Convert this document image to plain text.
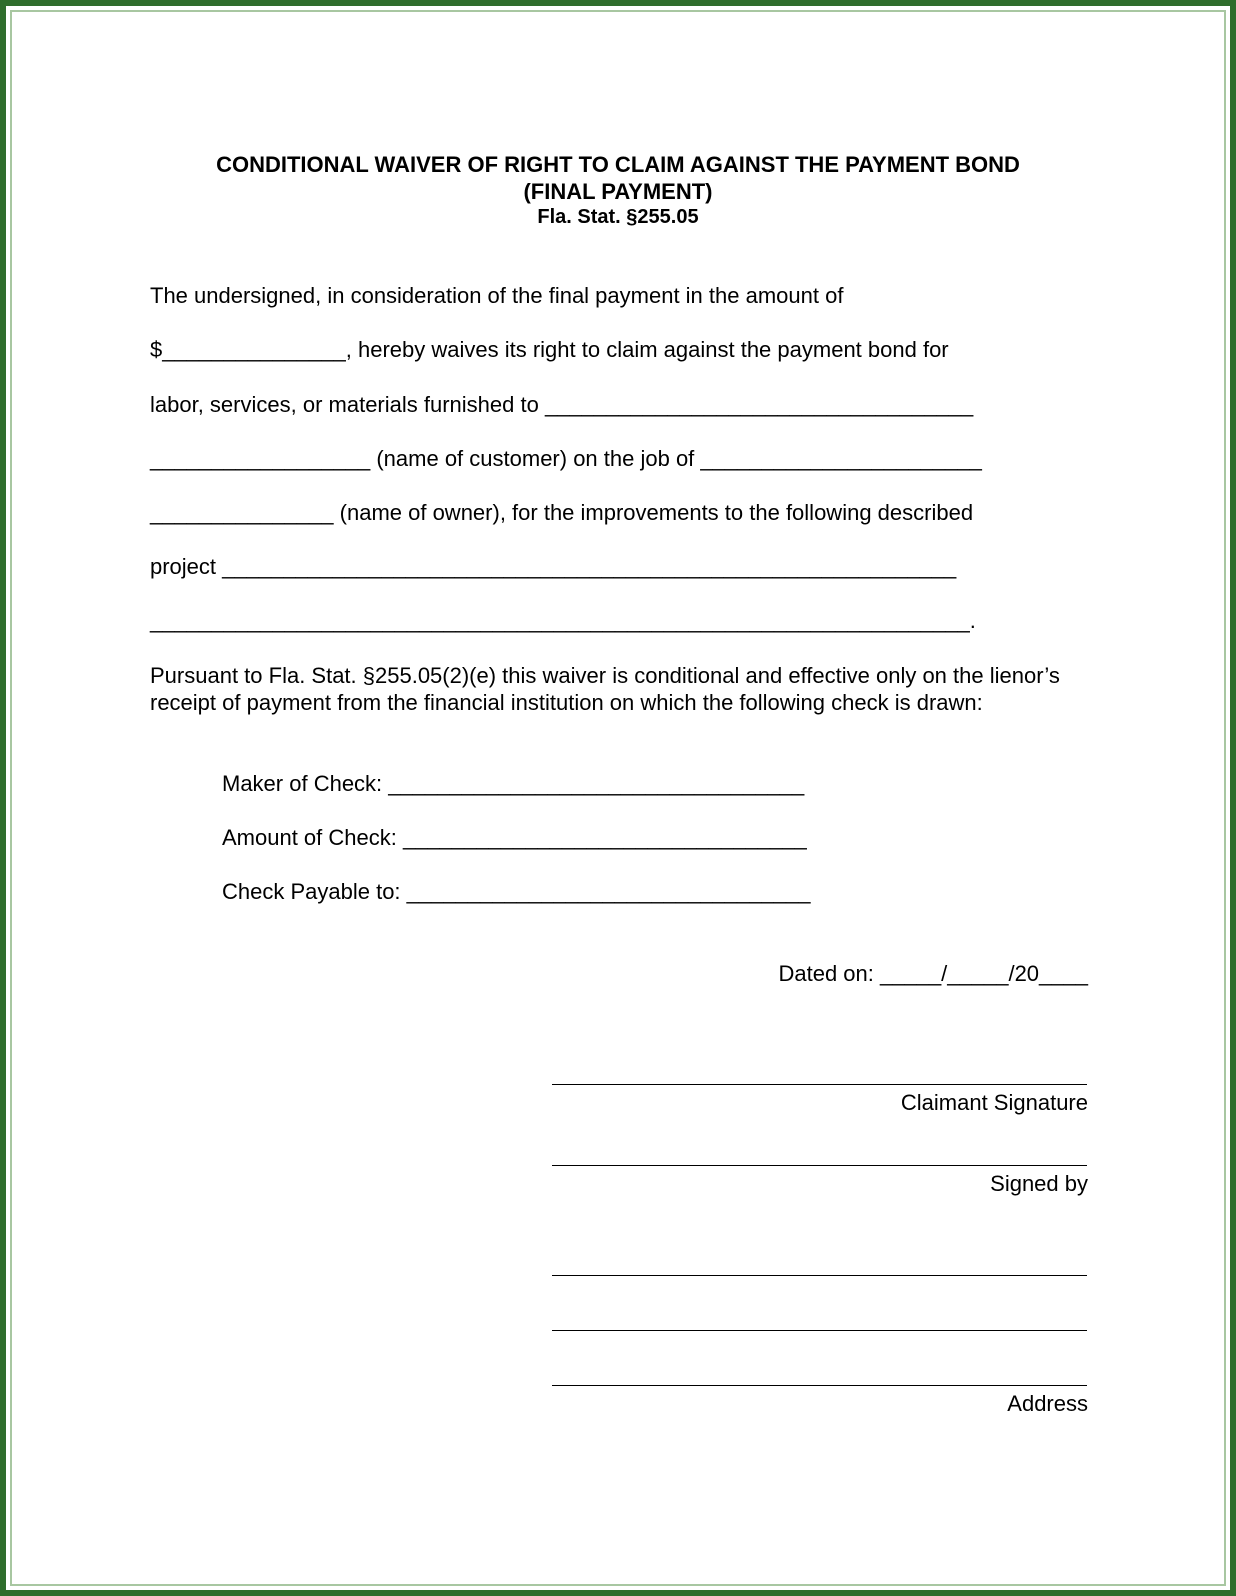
CONDITIONAL WAIVER OF RIGHT TO CLAIM AGAINST THE PAYMENT BOND
(FINAL PAYMENT)
Fla. Stat. §255.05
The undersigned, in consideration of the final payment in the amount of
$_______________, hereby waives its right to claim against the payment bond for
labor, services, or materials furnished to ___________________________________
__________________ (name of customer) on the job of _______________________
_______________ (name of owner), for the improvements to the following described
project ____________________________________________________________
___________________________________________________________________.
Pursuant to Fla. Stat. §255.05(2)(e) this waiver is conditional and effective only on the lienor’s receipt of payment from the financial institution on which the following check is drawn:
Maker of Check: __________________________________
Amount of Check: _________________________________
Check Payable to: _________________________________
Dated on: _____/_____/20____
Claimant Signature
Signed by
Address
